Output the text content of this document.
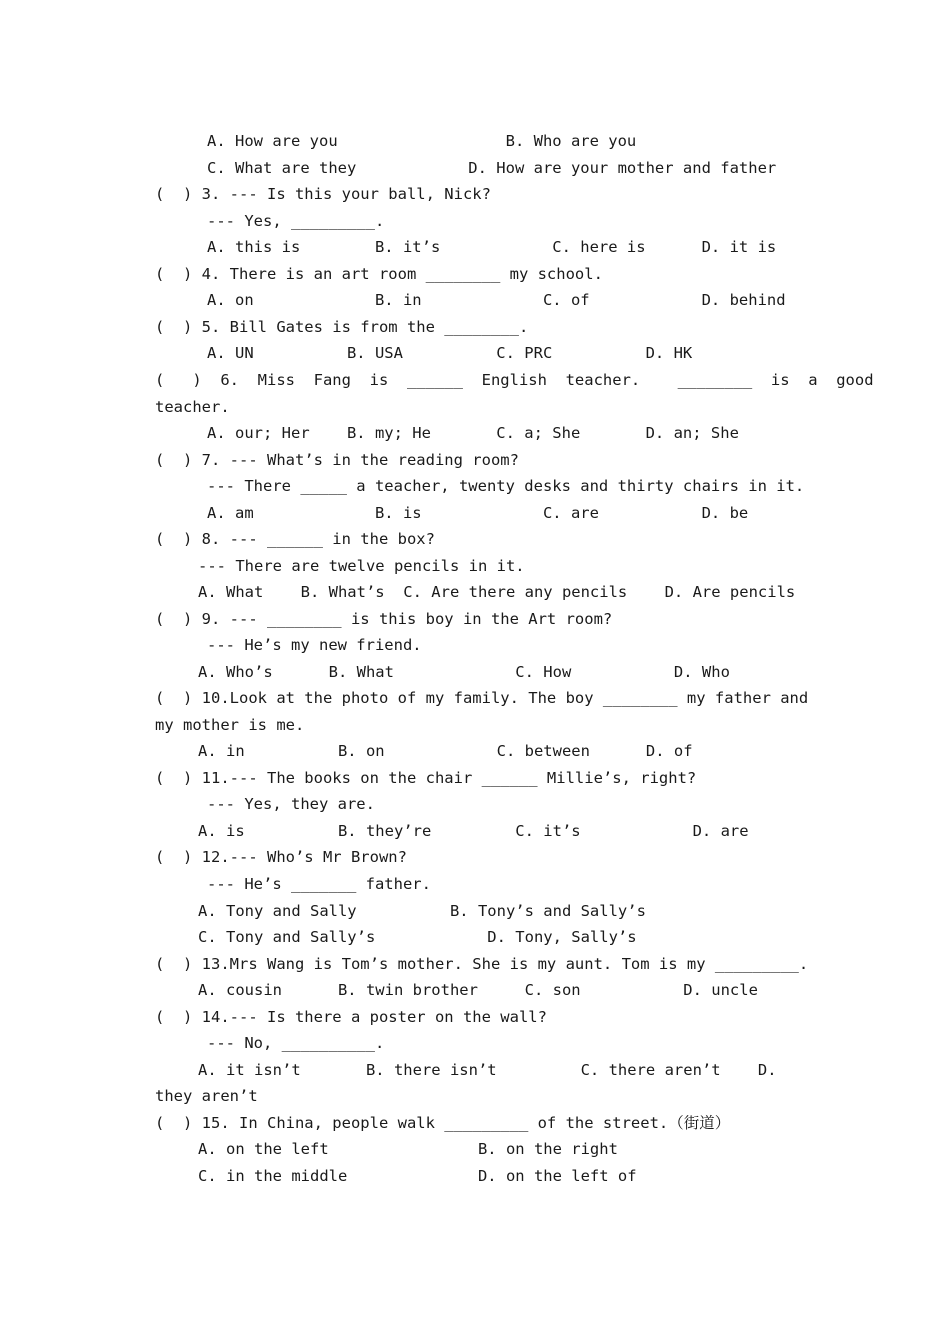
A. How are you                  B. Who are you
C. What are they            D. How are your mother and father
(  ) 3. --- Is this your ball, Nick?
--- Yes, _________.
A. this is        B. it’s            C. here is      D. it is
(  ) 4. There is an art room ________ my school.
A. on             B. in             C. of            D. behind
(  ) 5. Bill Gates is from the ________.
A. UN          B. USA          C. PRC          D. HK
(   )  6.  Miss  Fang  is  ______  English  teacher.    ________  is  a  good
teacher.
A. our; Her    B. my; He       C. a; She       D. an; She
(  ) 7. --- What’s in the reading room?
--- There _____ a teacher, twenty desks and thirty chairs in it.
A. am             B. is             C. are           D. be
(  ) 8. --- ______ in the box?
--- There are twelve pencils in it.
A. What    B. What’s  C. Are there any pencils    D. Are pencils
(  ) 9. --- ________ is this boy in the Art room?
--- He’s my new friend.
A. Who’s      B. What             C. How           D. Who
(  ) 10.Look at the photo of my family. The boy ________ my father and
my mother is me.
A. in          B. on            C. between      D. of
(  ) 11.--- The books on the chair ______ Millie’s, right?
--- Yes, they are.
A. is          B. they’re         C. it’s            D. are
(  ) 12.--- Who’s Mr Brown?
--- He’s _______ father.
A. Tony and Sally          B. Tony’s and Sally’s
C. Tony and Sally’s            D. Tony, Sally’s
(  ) 13.Mrs Wang is Tom’s mother. She is my aunt. Tom is my _________.
A. cousin      B. twin brother     C. son           D. uncle
(  ) 14.--- Is there a poster on the wall?
--- No, __________.
A. it isn’t       B. there isn’t         C. there aren’t    D.
they aren’t
(  ) 15. In China, people walk _________ of the street.（街道）
A. on the left                B. on the right
C. in the middle              D. on the left of
